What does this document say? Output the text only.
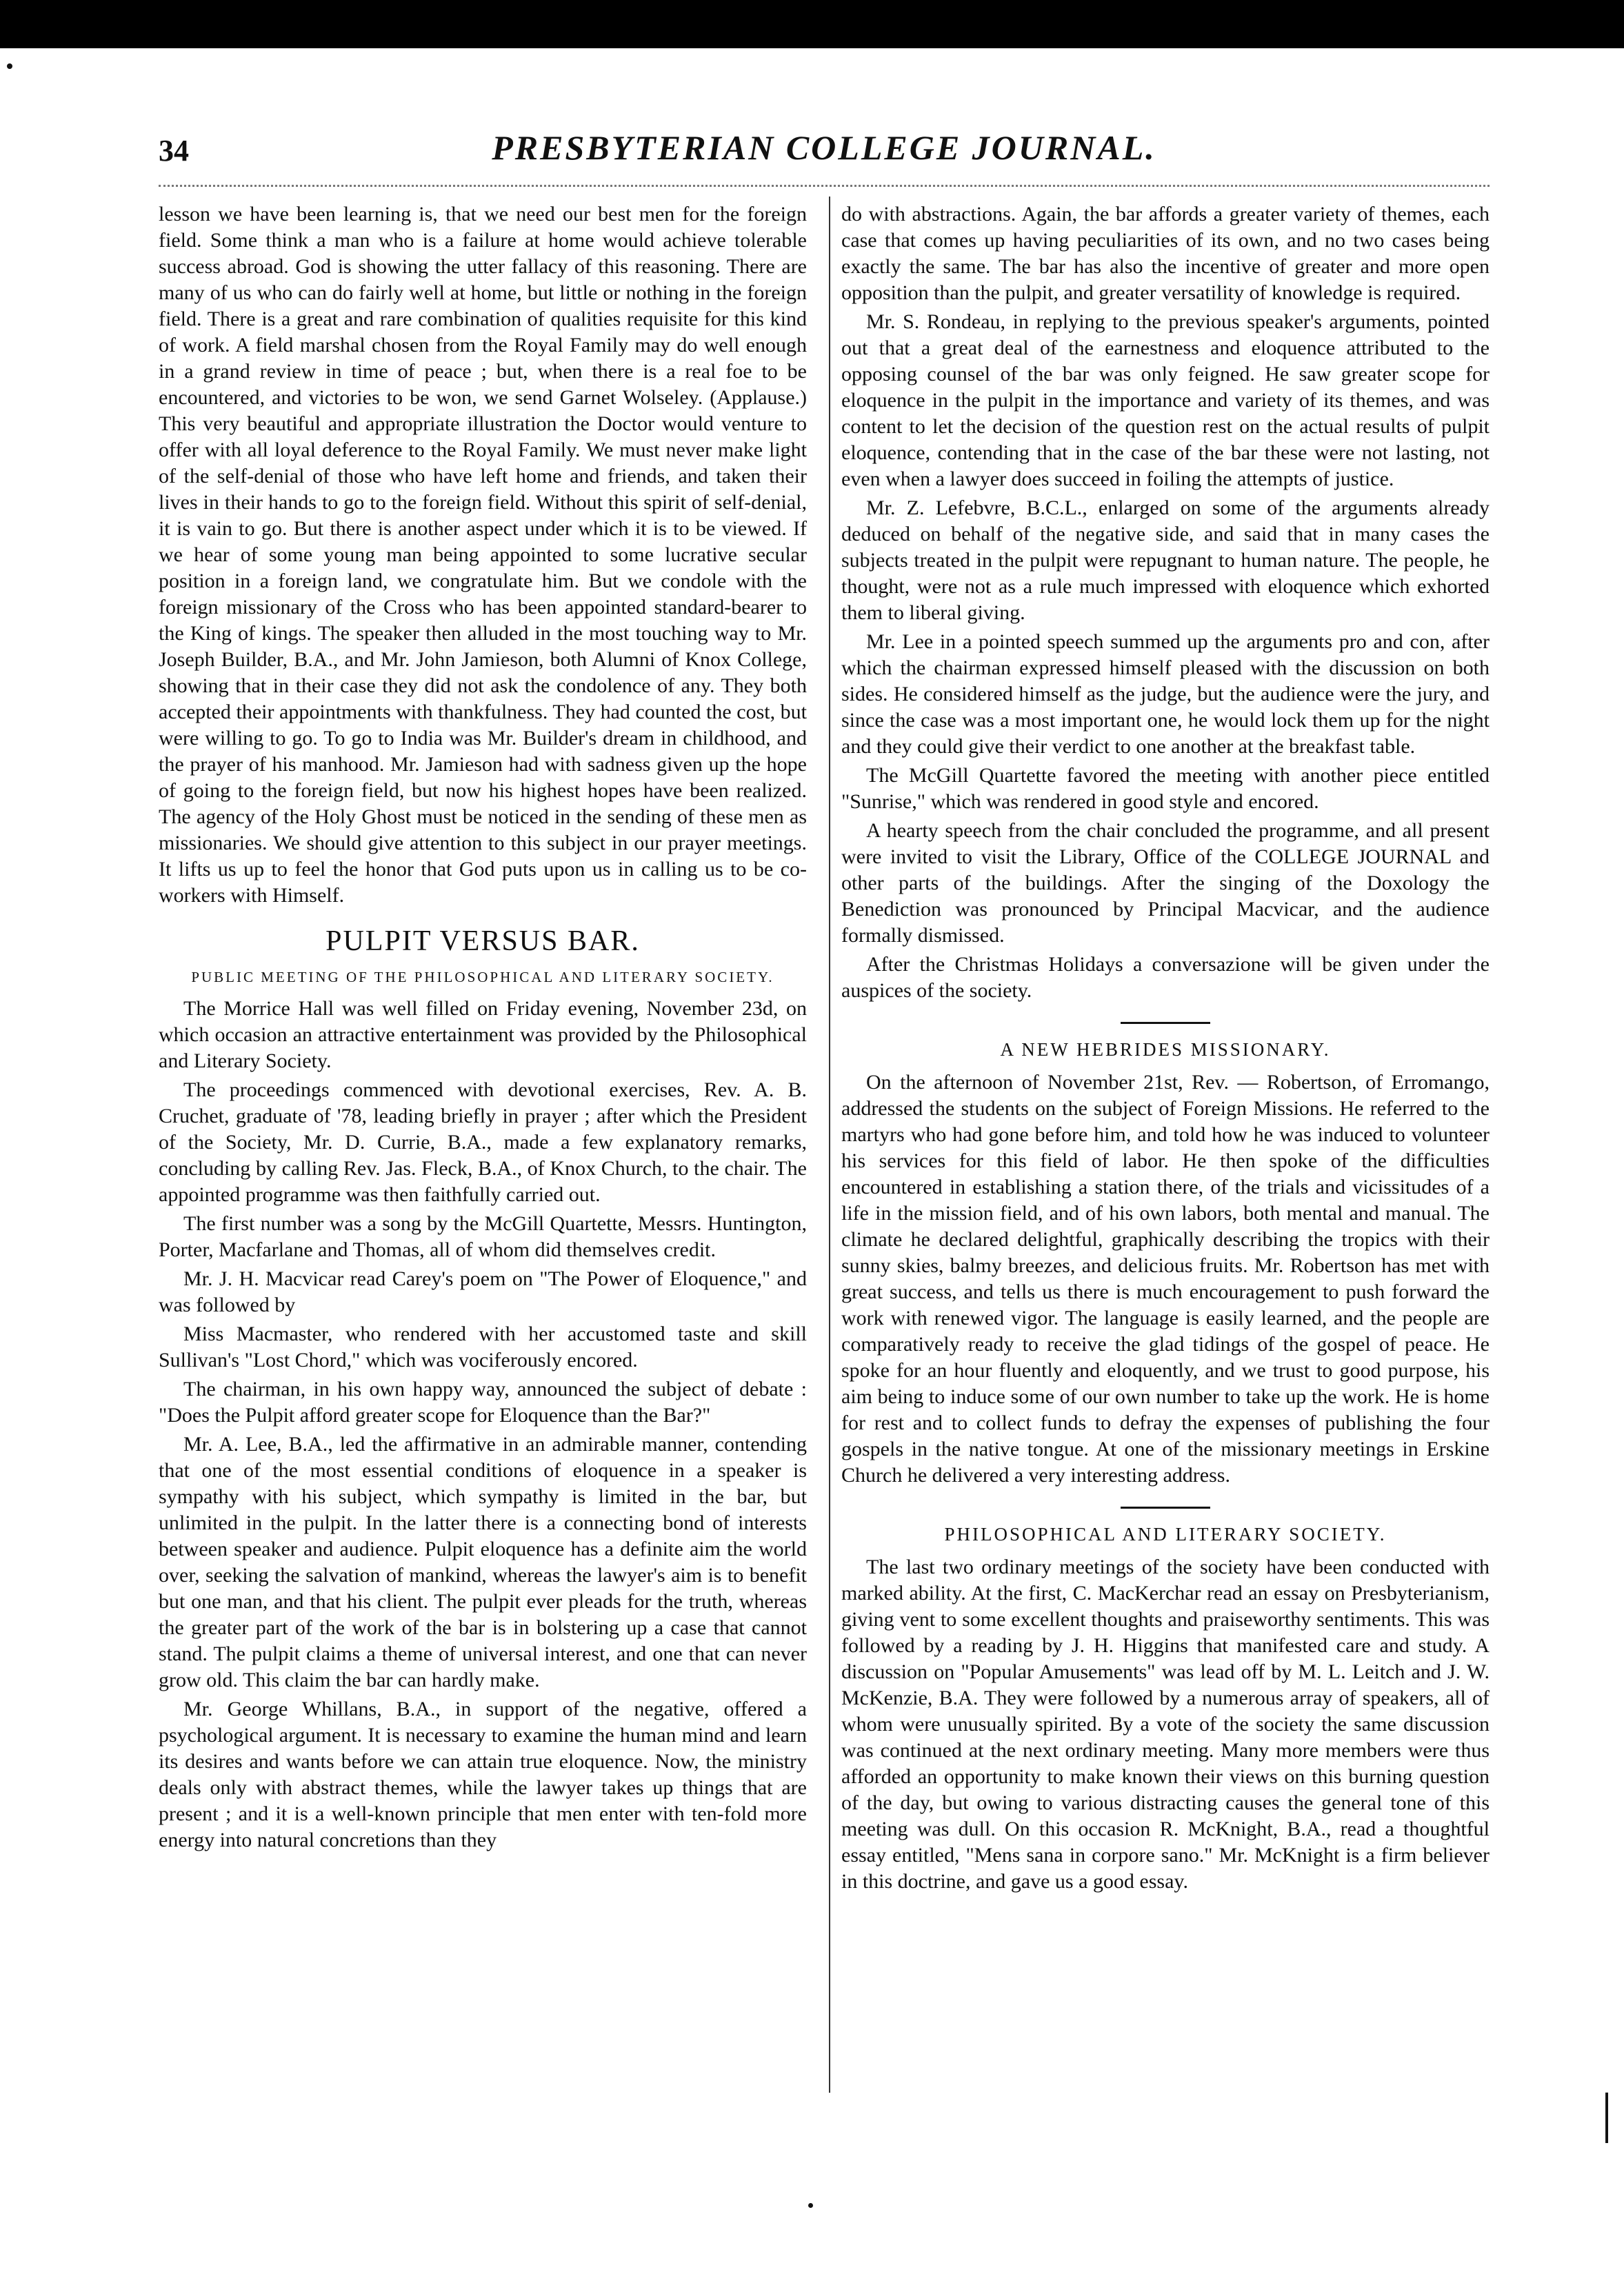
34	PRESBYTERIAN COLLEGE JOURNAL.

lesson we have been learning is, that we need our best men for the foreign field. Some think a man who is a failure at home would achieve tolerable success abroad. God is showing the utter fallacy of this reasoning. There are many of us who can do fairly well at home, but little or nothing in the foreign field. There is a great and rare combination of qualities requisite for this kind of work. A field marshal chosen from the Royal Family may do well enough in a grand review in time of peace ; but, when there is a real foe to be encountered, and victories to be won, we send Garnet Wolseley. (Applause.) This very beautiful and appropriate illustration the Doctor would venture to offer with all loyal deference to the Royal Family. We must never make light of the self-denial of those who have left home and friends, and taken their lives in their hands to go to the foreign field. Without this spirit of self-denial, it is vain to go. But there is another aspect under which it is to be viewed. If we hear of some young man being appointed to some lucrative secular position in a foreign land, we congratulate him. But we condole with the foreign missionary of the Cross who has been appointed standard-bearer to the King of kings. The speaker then alluded in the most touching way to Mr. Joseph Builder, B.A., and Mr. John Jamieson, both Alumni of Knox College, showing that in their case they did not ask the condolence of any. They both accepted their appointments with thankfulness. They had counted the cost, but were willing to go. To go to India was Mr. Builder's dream in childhood, and the prayer of his manhood. Mr. Jamieson had with sadness given up the hope of going to the foreign field, but now his highest hopes have been realized. The agency of the Holy Ghost must be noticed in the sending of these men as missionaries. We should give attention to this subject in our prayer meetings. It lifts us up to feel the honor that God puts upon us in calling us to be co-workers with Himself.

PULPIT VERSUS BAR.
PUBLIC MEETING OF THE PHILOSOPHICAL AND LITERARY SOCIETY.

The Morrice Hall was well filled on Friday evening, November 23d, on which occasion an attractive entertainment was provided by the Philosophical and Literary Society.

The proceedings commenced with devotional exercises, Rev. A. B. Cruchet, graduate of '78, leading briefly in prayer ; after which the President of the Society, Mr. D. Currie, B.A., made a few explanatory remarks, concluding by calling Rev. Jas. Fleck, B.A., of Knox Church, to the chair. The appointed programme was then faithfully carried out.

The first number was a song by the McGill Quartette, Messrs. Huntington, Porter, Macfarlane and Thomas, all of whom did themselves credit.

Mr. J. H. Macvicar read Carey's poem on "The Power of Eloquence," and was followed by

Miss Macmaster, who rendered with her accustomed taste and skill Sullivan's "Lost Chord," which was vociferously encored.

The chairman, in his own happy way, announced the subject of debate : "Does the Pulpit afford greater scope for Eloquence than the Bar?"

Mr. A. Lee, B.A., led the affirmative in an admirable manner, contending that one of the most essential conditions of eloquence in a speaker is sympathy with his subject, which sympathy is limited in the bar, but unlimited in the pulpit. In the latter there is a connecting bond of interests between speaker and audience. Pulpit eloquence has a definite aim the world over, seeking the salvation of mankind, whereas the lawyer's aim is to benefit but one man, and that his client. The pulpit ever pleads for the truth, whereas the greater part of the work of the bar is in bolstering up a case that cannot stand. The pulpit claims a theme of universal interest, and one that can never grow old. This claim the bar can hardly make.

Mr. George Whillans, B.A., in support of the negative, offered a psychological argument. It is necessary to examine the human mind and learn its desires and wants before we can attain true eloquence. Now, the ministry deals only with abstract themes, while the lawyer takes up things that are present ; and it is a well-known principle that men enter with ten-fold more energy into natural concretions than they

do with abstractions. Again, the bar affords a greater variety of themes, each case that comes up having peculiarities of its own, and no two cases being exactly the same. The bar has also the incentive of greater and more open opposition than the pulpit, and greater versatility of knowledge is required.

Mr. S. Rondeau, in replying to the previous speaker's arguments, pointed out that a great deal of the earnestness and eloquence attributed to the opposing counsel of the bar was only feigned. He saw greater scope for eloquence in the pulpit in the importance and variety of its themes, and was content to let the decision of the question rest on the actual results of pulpit eloquence, contending that in the case of the bar these were not lasting, not even when a lawyer does succeed in foiling the attempts of justice.

Mr. Z. Lefebvre, B.C.L., enlarged on some of the arguments already deduced on behalf of the negative side, and said that in many cases the subjects treated in the pulpit were repugnant to human nature. The people, he thought, were not as a rule much impressed with eloquence which exhorted them to liberal giving.

Mr. Lee in a pointed speech summed up the arguments pro and con, after which the chairman expressed himself pleased with the discussion on both sides. He considered himself as the judge, but the audience were the jury, and since the case was a most important one, he would lock them up for the night and they could give their verdict to one another at the breakfast table.

The McGill Quartette favored the meeting with another piece entitled "Sunrise," which was rendered in good style and encored.

A hearty speech from the chair concluded the programme, and all present were invited to visit the Library, Office of the COLLEGE JOURNAL and other parts of the buildings. After the singing of the Doxology the Benediction was pronounced by Principal Macvicar, and the audience formally dismissed.

After the Christmas Holidays a conversazione will be given under the auspices of the society.

A NEW HEBRIDES MISSIONARY.

On the afternoon of November 21st, Rev. — Robertson, of Erromango, addressed the students on the subject of Foreign Missions. He referred to the martyrs who had gone before him, and told how he was induced to volunteer his services for this field of labor. He then spoke of the difficulties encountered in establishing a station there, of the trials and vicissitudes of a life in the mission field, and of his own labors, both mental and manual. The climate he declared delightful, graphically describing the tropics with their sunny skies, balmy breezes, and delicious fruits. Mr. Robertson has met with great success, and tells us there is much encouragement to push forward the work with renewed vigor. The language is easily learned, and the people are comparatively ready to receive the glad tidings of the gospel of peace. He spoke for an hour fluently and eloquently, and we trust to good purpose, his aim being to induce some of our own number to take up the work. He is home for rest and to collect funds to defray the expenses of publishing the four gospels in the native tongue. At one of the missionary meetings in Erskine Church he delivered a very interesting address.

PHILOSOPHICAL AND LITERARY SOCIETY.

The last two ordinary meetings of the society have been conducted with marked ability. At the first, C. MacKerchar read an essay on Presbyterianism, giving vent to some excellent thoughts and praiseworthy sentiments. This was followed by a reading by J. H. Higgins that manifested care and study. A discussion on "Popular Amusements" was lead off by M. L. Leitch and J. W. McKenzie, B.A. They were followed by a numerous array of speakers, all of whom were unusually spirited. By a vote of the society the same discussion was continued at the next ordinary meeting. Many more members were thus afforded an opportunity to make known their views on this burning question of the day, but owing to various distracting causes the general tone of this meeting was dull. On this occasion R. McKnight, B.A., read a thoughtful essay entitled, "Mens sana in corpore sano." Mr. McKnight is a firm believer in this doctrine, and gave us a good essay.

|
